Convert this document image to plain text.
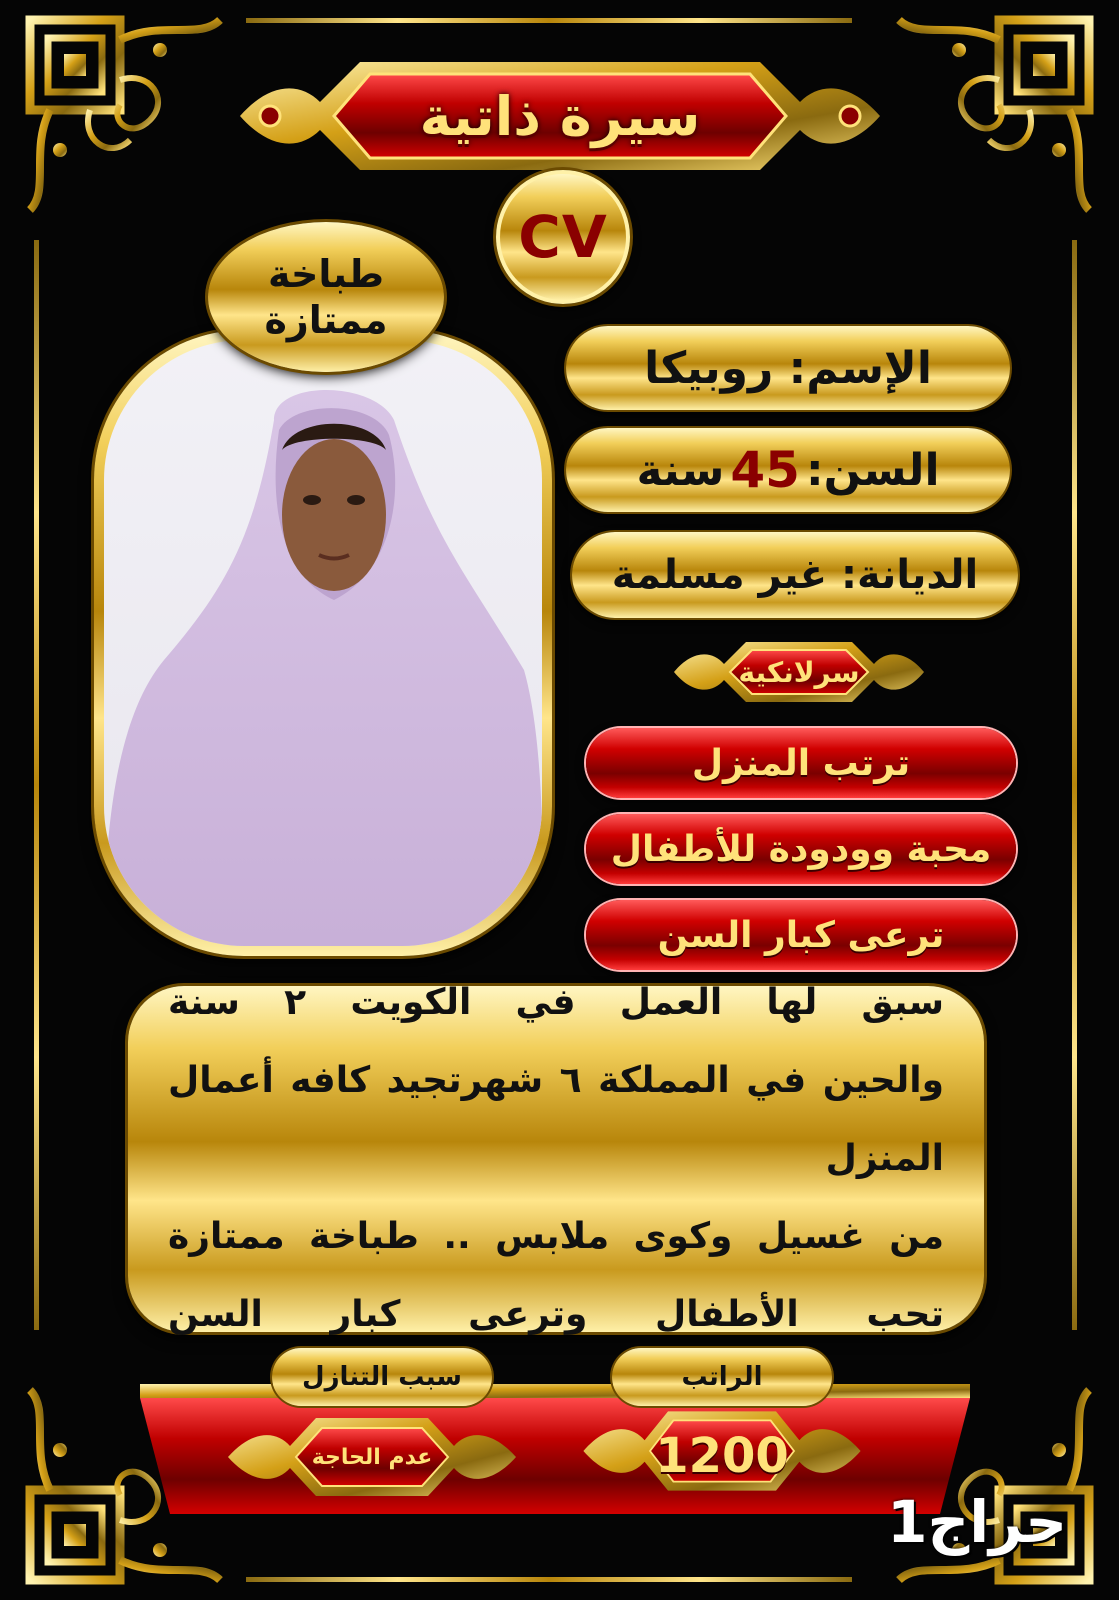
سيرة ذاتية
CV
طباخة
ممتازة
الإسم: روبيكا
السن:
45
سنة
الديانة: غير مسلمة
سرلانكية
ترتب المنزل
محبة وودودة للأطفال
ترعى كبار السن
سبق لها العمل في الكويت ٢ سنة
والحين في المملكة ٦ شهرتجيد كافه أعمال المنزل
من غسيل وكوى ملابس .. طباخة ممتازة
تحب الأطفال وترعى كبار السن
سبب التنازل	الراتب
عدم الحاجة	1200
حراج1
